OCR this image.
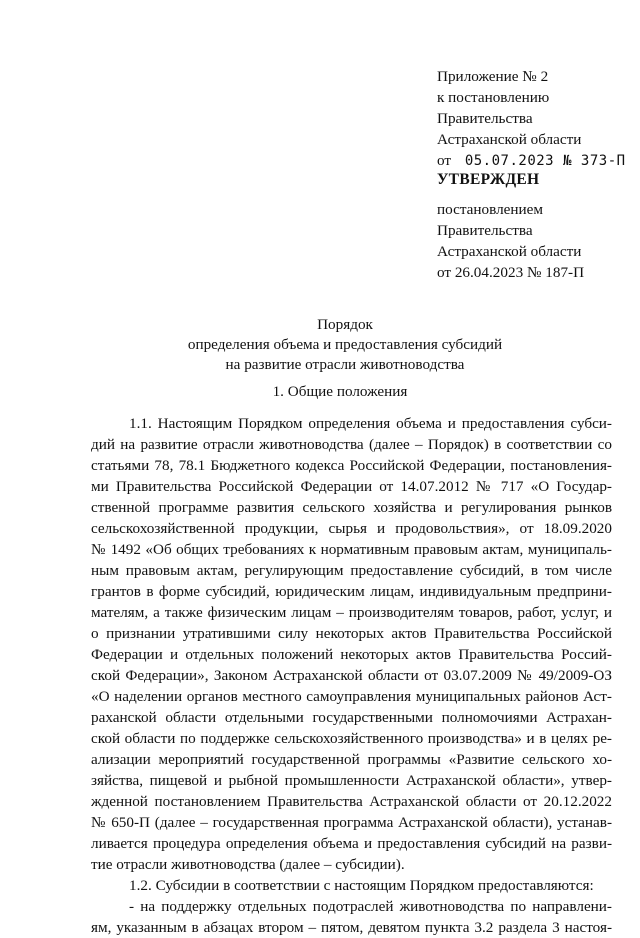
Приложение № 2
к постановлению
Правительства
Астраханской области
от 05.07.2023 № 373-П
УТВЕРЖДЕН
постановлением
Правительства
Астраханской области
от 26.04.2023 № 187-П
Порядок
определения объема и предоставления субсидий
на развитие отрасли животноводства
1. Общие положения
1.1. Настоящим Порядком определения объема и предоставления субси-
дий на развитие отрасли животноводства (далее – Порядок) в соответствии со
статьями 78, 78.1 Бюджетного кодекса Российской Федерации, постановления-
ми Правительства Российской Федерации от 14.07.2012 № 717 «О Государ-
ственной программе развития сельского хозяйства и регулирования рынков
сельскохозяйственной продукции, сырья и продовольствия», от 18.09.2020
№ 1492 «Об общих требованиях к нормативным правовым актам, муниципаль-
ным правовым актам, регулирующим предоставление субсидий, в том числе
грантов в форме субсидий, юридическим лицам, индивидуальным предприни-
мателям, а также физическим лицам – производителям товаров, работ, услуг, и
о признании утратившими силу некоторых актов Правительства Российской
Федерации и отдельных положений некоторых актов Правительства Россий-
ской Федерации», Законом Астраханской области от 03.07.2009 № 49/2009-ОЗ
«О наделении органов местного самоуправления муниципальных районов Аст-
раханской области отдельными государственными полномочиями Астрахан-
ской области по поддержке сельскохозяйственного производства» и в целях ре-
ализации мероприятий государственной программы «Развитие сельского хо-
зяйства, пищевой и рыбной промышленности Астраханской области», утвер-
жденной постановлением Правительства Астраханской области от 20.12.2022
№ 650-П (далее – государственная программа Астраханской области), устанав-
ливается процедура определения объема и предоставления субсидий на разви-
тие отрасли животноводства (далее – субсидии).
1.2. Субсидии в соответствии с настоящим Порядком предоставляются:
- на поддержку отдельных подотраслей животноводства по направлени-
ям, указанным в абзацах втором – пятом, девятом пункта 3.2 раздела 3 настоя-
